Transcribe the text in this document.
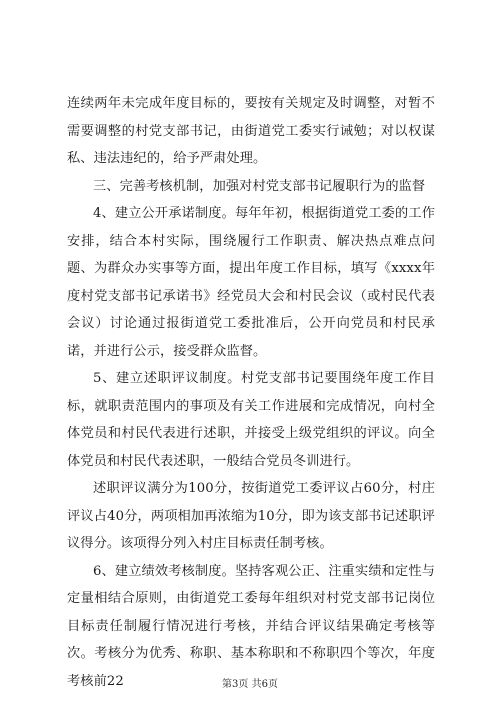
连续两年未完成年度目标的，要按有关规定及时调整，对暂不需要调整的村党支部书记，由街道党工委实行诫勉；对以权谋私、违法违纪的，给予严肃处理。

三、完善考核机制，加强对村党支部书记履职行为的监督

4、建立公开承诺制度。每年年初，根据街道党工委的工作安排，结合本村实际，围绕履行工作职责、解决热点难点问题、为群众办实事等方面，提出年度工作目标，填写《xxxx年度村党支部书记承诺书》经党员大会和村民会议（或村民代表会议）讨论通过报街道党工委批准后，公开向党员和村民承诺，并进行公示，接受群众监督。

5、建立述职评议制度。村党支部书记要围绕年度工作目标，就职责范围内的事项及有关工作进展和完成情况，向村全体党员和村民代表进行述职，并接受上级党组织的评议。向全体党员和村民代表述职，一般结合党员冬训进行。

述职评议满分为100分，按街道党工委评议占60分，村庄评议占40分，两项相加再浓缩为10分，即为该支部书记述职评议得分。该项得分列入村庄目标责任制考核。

6、建立绩效考核制度。坚持客观公正、注重实绩和定性与定量相结合原则，由街道党工委每年组织对村党支部书记岗位目标责任制履行情况进行考核，并结合评议结果确定考核等次。考核分为优秀、称职、基本称职和不称职四个等次，年度考核前22	第3页 共6页
